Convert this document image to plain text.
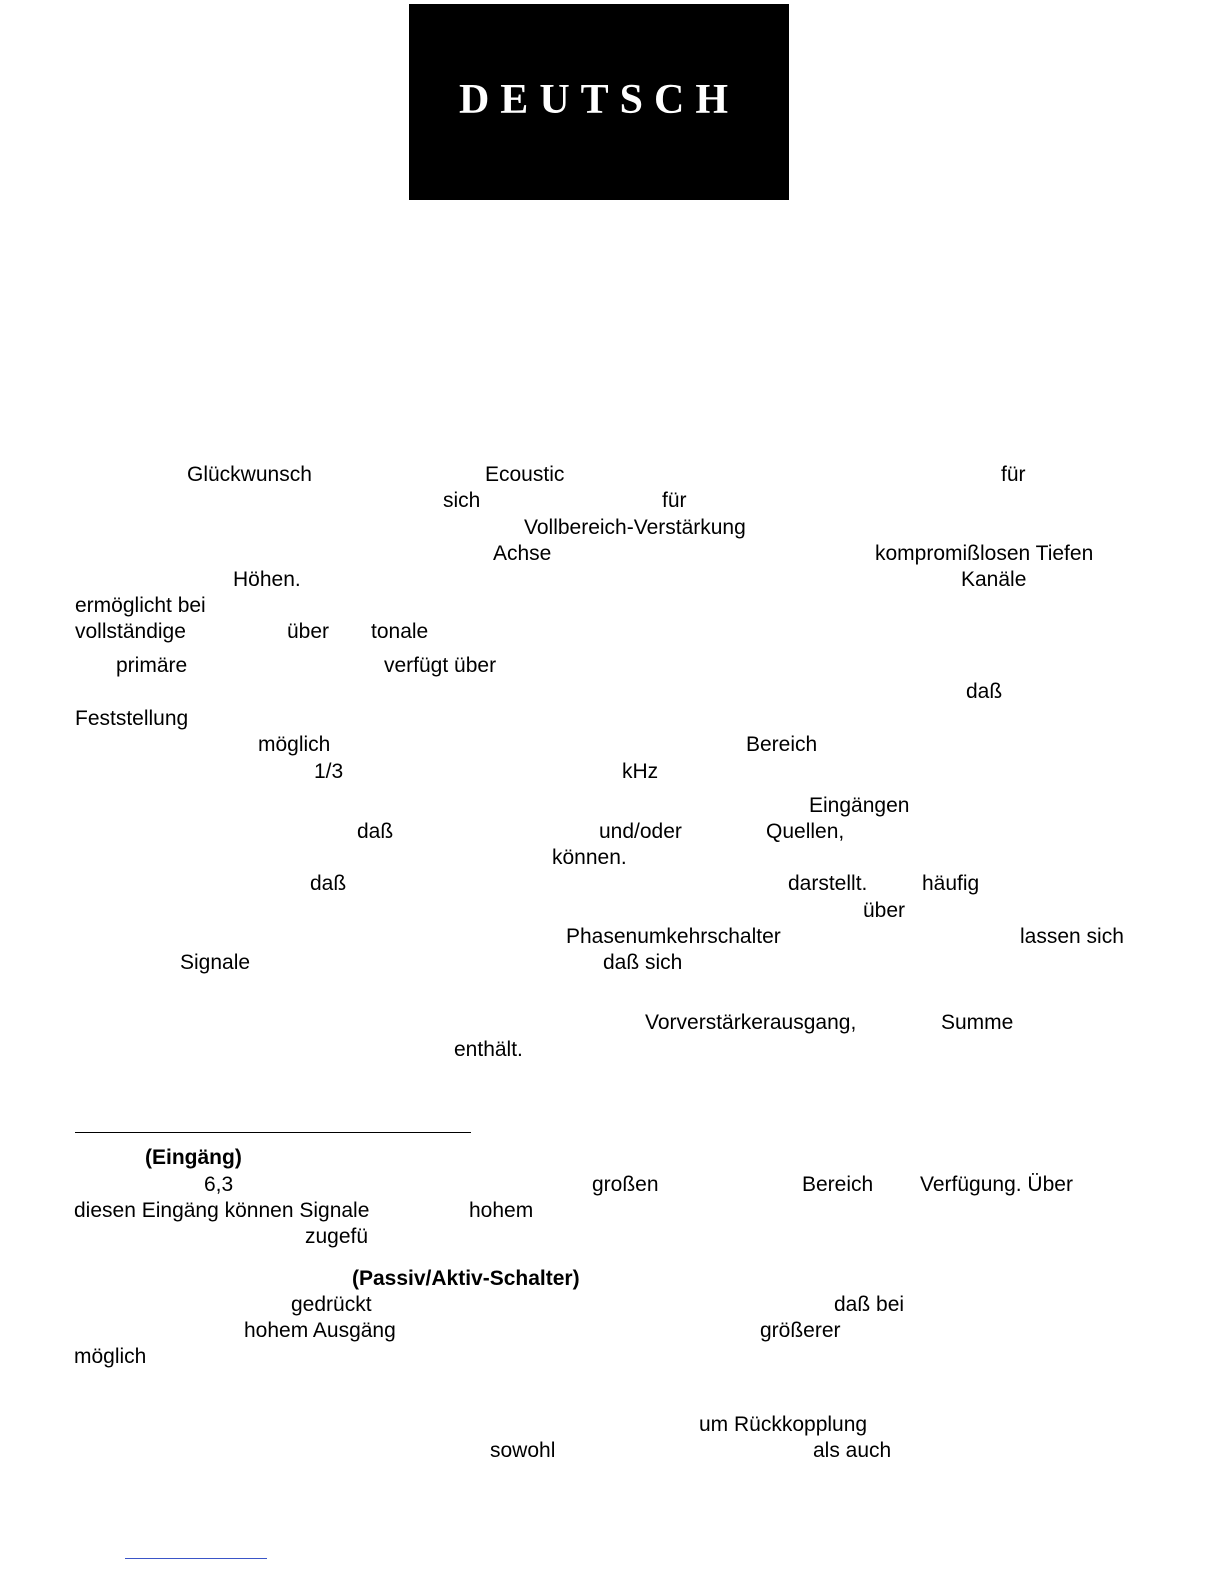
DEUTSCH
Glückwunsch	Ecoustic	für
sich	für
Vollbereich-Verstärkung
Achse	kompromißlosen Tiefen
Höhen.	Kanäle
ermöglicht bei
vollständige	über tonale
primäre	verfügt über
daß
Feststellung
möglich	Bereich
1/3	kHz
Eingängen
daß	und/oder	Quellen,
können.
daß	darstellt.	häufig
über
Phasenumkehrschalter	lassen sich
Signale	daß sich
Vorverstärkerausgang,	Summe
enthält.
(Eingäng)
6,3	großen	Bereich Verfügung. Über
diesen Eingäng können Signale	hohem
zugefü
(Passiv/Aktiv-Schalter)
gedrückt	daß bei
hohem Ausgäng	größerer
möglich
um Rückkopplung
sowohl	als auch
